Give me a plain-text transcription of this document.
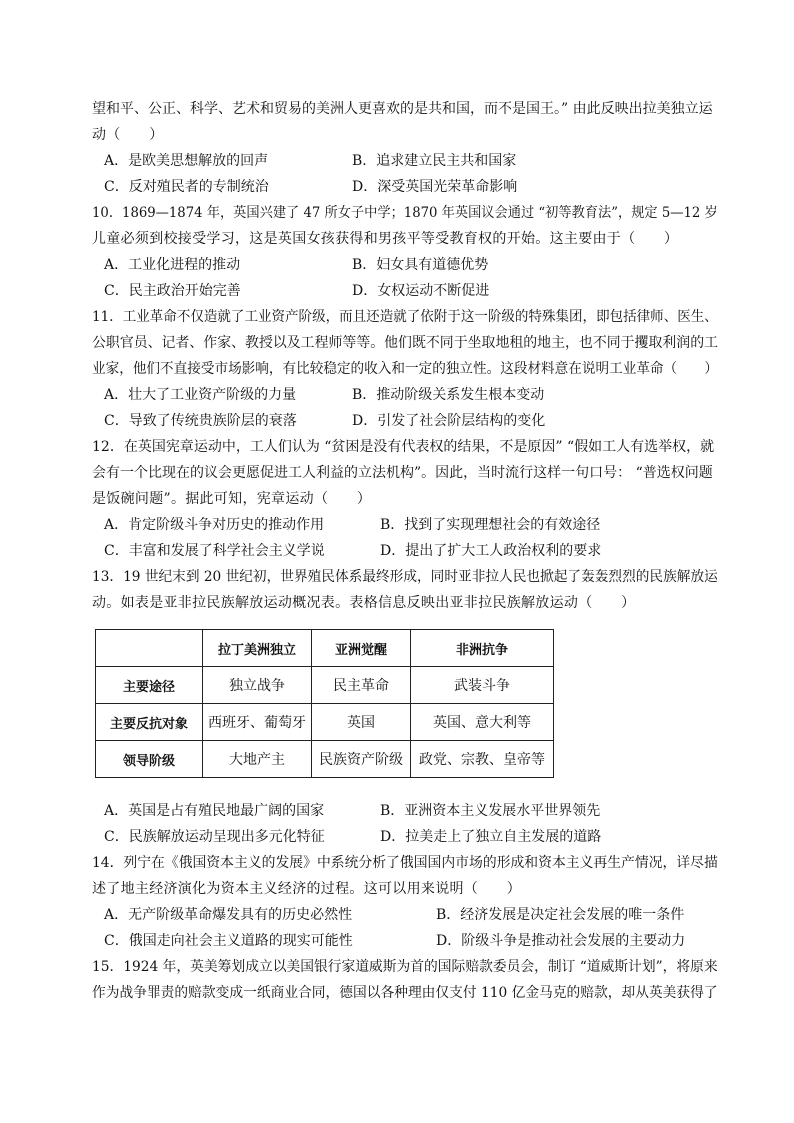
望和平、公正、科学、艺术和贸易的美洲人更喜欢的是共和国，而不是国王。” 由此反映出拉美独立运
动（　　）
A．是欧美思想解放的回声	B．追求建立民主共和国家
C．反对殖民者的专制统治	D．深受英国光荣革命影响
10．1869—1874 年，英国兴建了 47 所女子中学；1870 年英国议会通过 “初等教育法”，规定 5—12 岁
儿童必须到校接受学习，这是英国女孩获得和男孩平等受教育权的开始。这主要由于（　　）
A．工业化进程的推动	B．妇女具有道德优势
C．民主政治开始完善	D．女权运动不断促进
11．工业革命不仅造就了工业资产阶级，而且还造就了依附于这一阶级的特殊集团，即包括律师、医生、
公职官员、记者、作家、教授以及工程师等等。他们既不同于坐取地租的地主，也不同于攫取利润的工
业家，他们不直接受市场影响，有比较稳定的收入和一定的独立性。这段材料意在说明工业革命（　　）
A．壮大了工业资产阶级的力量	B．推动阶级关系发生根本变动
C．导致了传统贵族阶层的衰落	D．引发了社会阶层结构的变化
12．在英国宪章运动中，工人们认为 “贫困是没有代表权的结果，不是原因” “假如工人有选举权，就
会有一个比现在的议会更愿促进工人利益的立法机构”。因此，当时流行这样一句口号： “普选权问题
是饭碗问题”。据此可知，宪章运动（　　）
A．肯定阶级斗争对历史的推动作用	B．找到了实现理想社会的有效途径
C．丰富和发展了科学社会主义学说	D．提出了扩大工人政治权利的要求
13．19 世纪末到 20 世纪初，世界殖民体系最终形成，同时亚非拉人民也掀起了轰轰烈烈的民族解放运
动。如表是亚非拉民族解放运动概况表。表格信息反映出亚非拉民族解放运动（　　）
	拉丁美洲独立	亚洲觉醒	非洲抗争
主要途径	独立战争	民主革命	武装斗争
主要反抗对象	西班牙、葡萄牙	英国	英国、意大利等
领导阶级	大地产主	民族资产阶级	政党、宗教、皇帝等
A．英国是占有殖民地最广阔的国家	B．亚洲资本主义发展水平世界领先
C．民族解放运动呈现出多元化特征	D．拉美走上了独立自主发展的道路
14．列宁在《俄国资本主义的发展》中系统分析了俄国国内市场的形成和资本主义再生产情况，详尽描
述了地主经济演化为资本主义经济的过程。这可以用来说明（　　）
A．无产阶级革命爆发具有的历史必然性	B．经济发展是决定社会发展的唯一条件
C．俄国走向社会主义道路的现实可能性	D．阶级斗争是推动社会发展的主要动力
15．1924 年，英美筹划成立以美国银行家道威斯为首的国际赔款委员会，制订 “道威斯计划”，将原来
作为战争罪责的赔款变成一纸商业合同，德国以各种理由仅支付 110 亿金马克的赔款，却从英美获得了
